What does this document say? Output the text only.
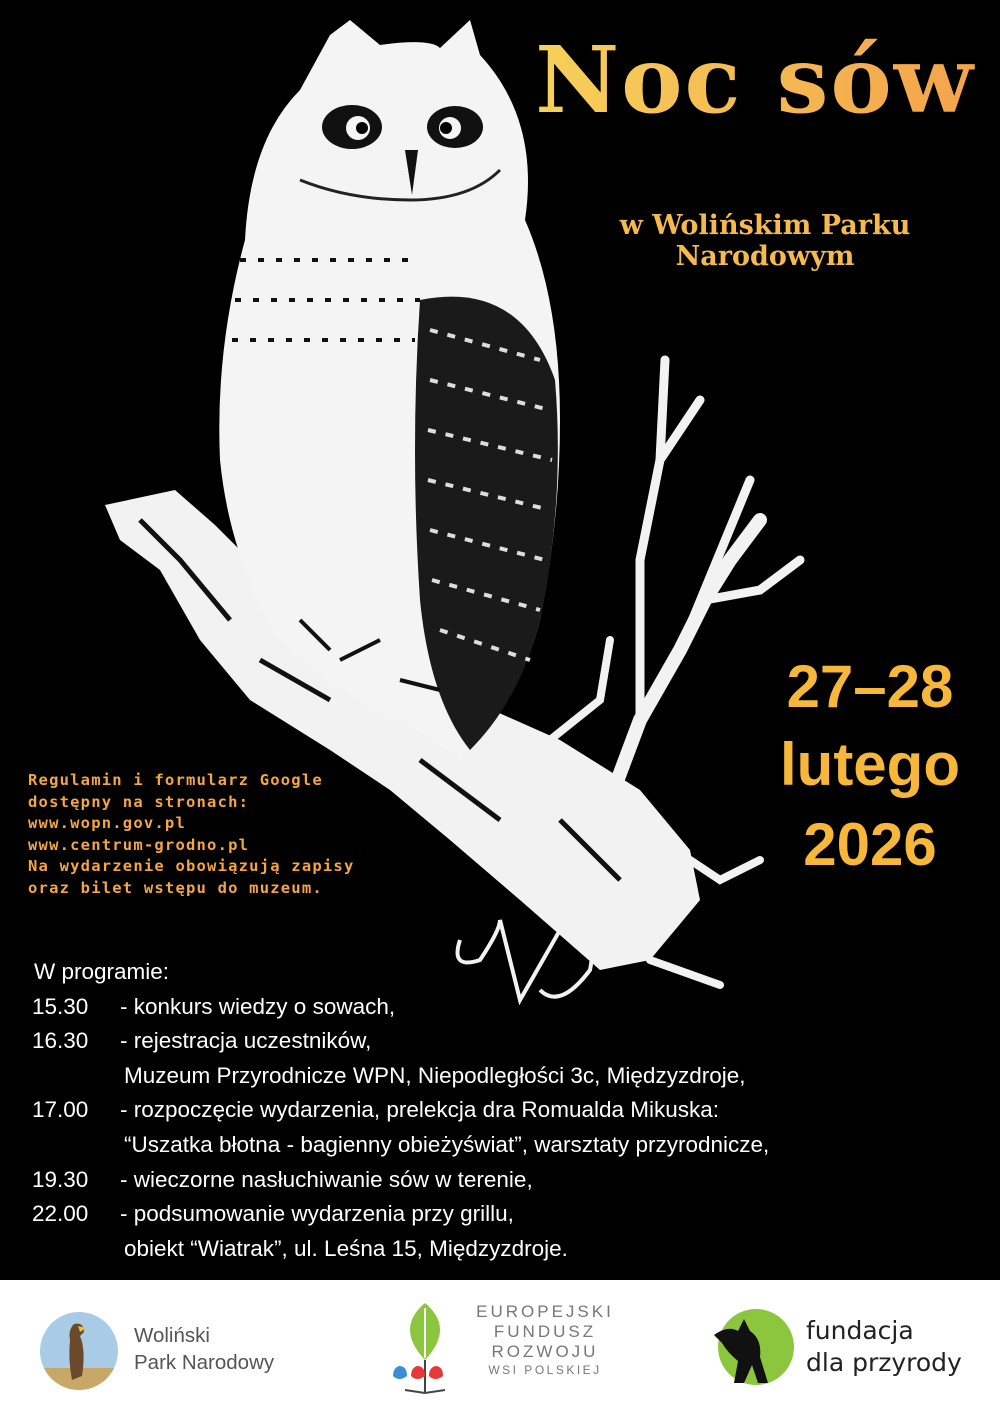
Noc sów
w Wolińskim Parku Narodowym
27–28
lutego
2026
Regulamin i formularz Google
dostępny na stronach:
www.wopn.gov.pl
www.centrum-grodno.pl
Na wydarzenie obowiązują zapisy
oraz bilet wstępu do muzeum.
W programie:
15.30	- konkurs wiedzy o sowach,
16.30	- rejestracja uczestników,
Muzeum Przyrodnicze WPN, Niepodległości 3c, Międzyzdroje,
17.00	- rozpoczęcie wydarzenia, prelekcja dra Romualda Mikuska:
“Uszatka błotna - bagienny obieżyświat”, warsztaty przyrodnicze,
19.30	- wieczorne nasłuchiwanie sów w terenie,
22.00	- podsumowanie wydarzenia przy grillu,
obiekt “Wiatrak”, ul. Leśna 15, Międzyzdroje.
Woliński
Park Narodowy
EUROPEJSKI
FUNDUSZ
ROZWOJU
WSI POLSKIEJ
fundacja
dla przyrody
